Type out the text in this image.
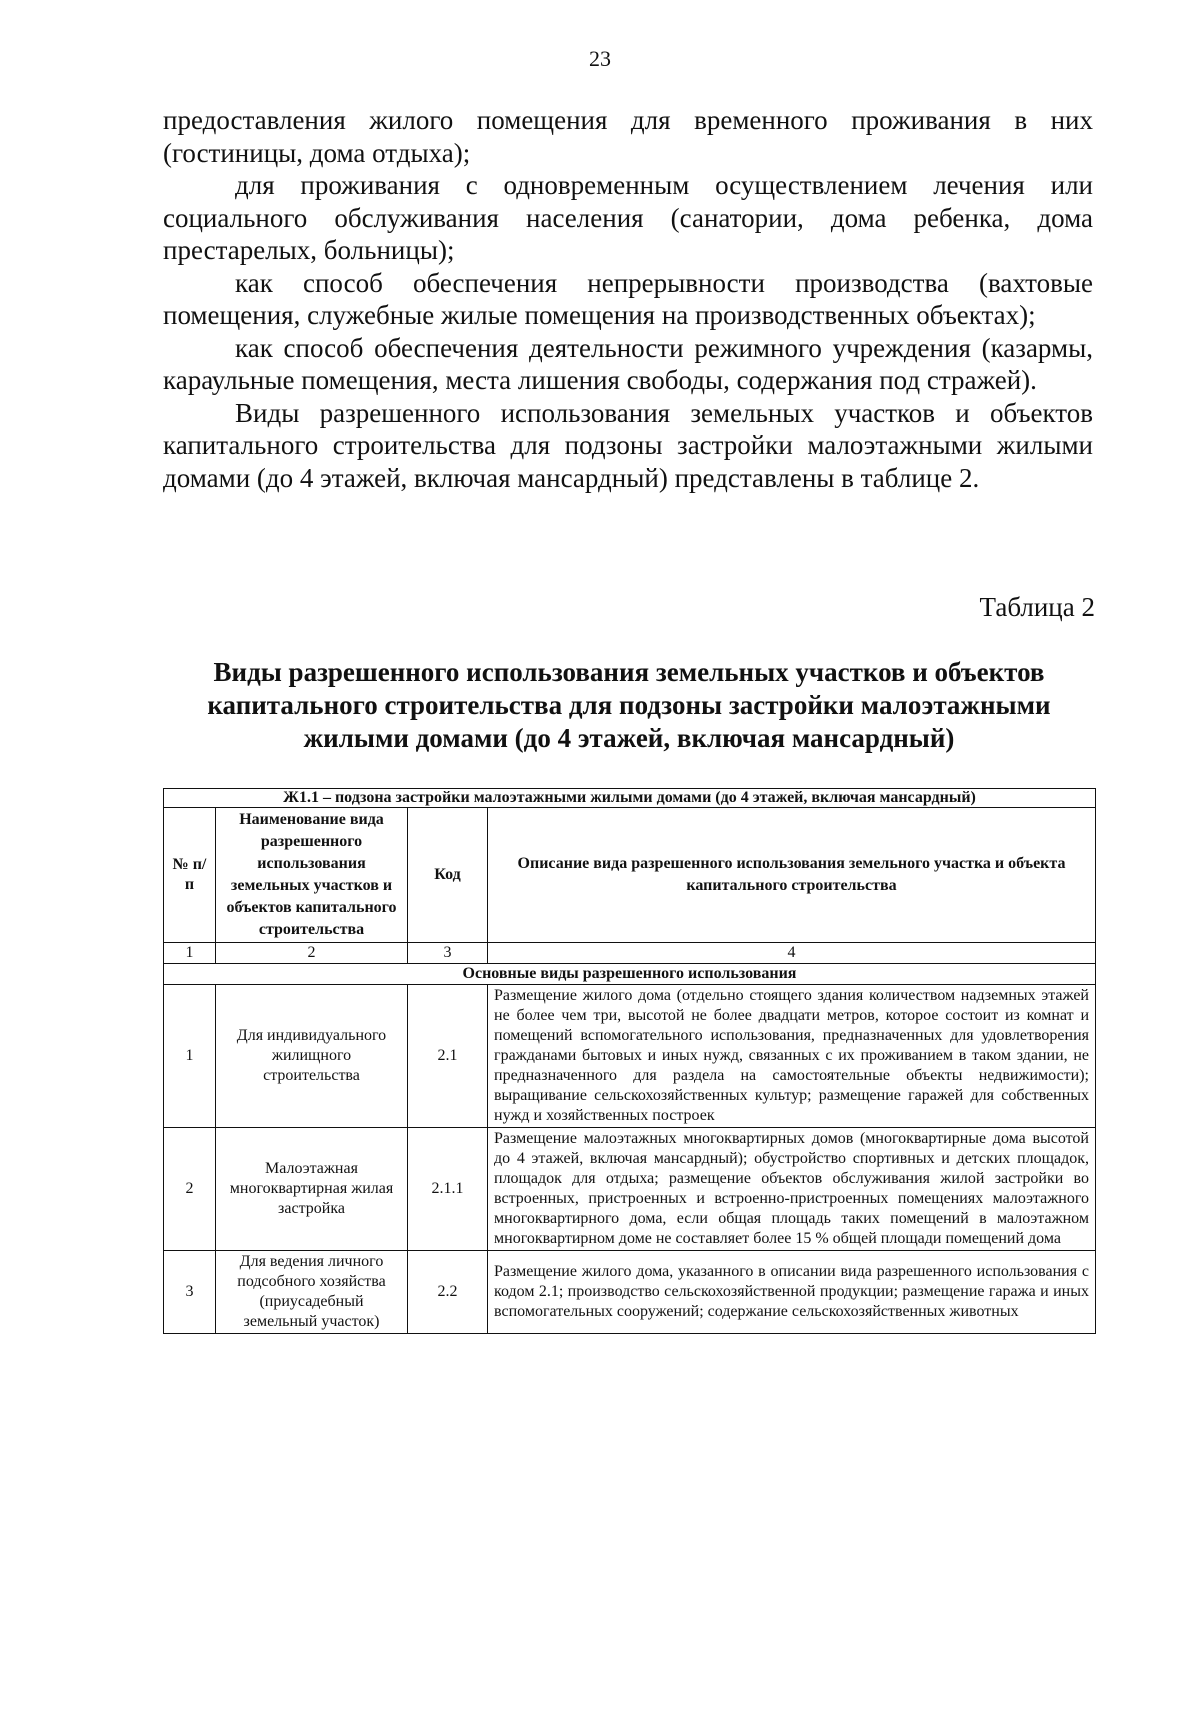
23

предоставления жилого помещения для временного проживания в них (гостиницы, дома отдыха);

для проживания с одновременным осуществлением лечения или социального обслуживания населения (санатории, дома ребенка, дома престарелых, больницы);

как способ обеспечения непрерывности производства (вахтовые помещения, служебные жилые помещения на производственных объектах);

как способ обеспечения деятельности режимного учреждения (казармы, караульные помещения, места лишения свободы, содержания под стражей).

Виды разрешенного использования земельных участков и объектов капитального строительства для подзоны застройки малоэтажными жилыми домами (до 4 этажей, включая мансардный) представлены в таблице 2.

Таблица 2
Виды разрешенного использования земельных участков и объектов капитального строительства для подзоны застройки малоэтажными жилыми домами (до 4 этажей, включая мансардный)
Ж1.1 – подзона застройки малоэтажными жилыми домами (до 4 этажей, включая мансардный)			
№ п/п	Наименование вида разрешенного использования земельных участков и объектов капитального строительства	Код	Описание вида разрешенного использования земельного участка и объекта капитального строительства
1	2	3	4
Основные виды разрешенного использования			
1	Для индивидуального жилищного строительства	2.1	Размещение жилого дома (отдельно стоящего здания количеством надземных этажей не более чем три, высотой не более двадцати метров, которое состоит из комнат и помещений вспомогательного использования, предназначенных для удовлетворения гражданами бытовых и иных нужд, связанных с их проживанием в таком здании, не предназначенного для раздела на самостоятельные объекты недвижимости); выращивание сельскохозяйственных культур; размещение гаражей для собственных нужд и хозяйственных построек
2	Малоэтажная многоквартирная жилая застройка	2.1.1	Размещение малоэтажных многоквартирных домов (многоквартирные дома высотой до 4 этажей, включая мансардный); обустройство спортивных и детских площадок, площадок для отдыха; размещение объектов обслуживания жилой застройки во встроенных, пристроенных и встроенно-пристроенных помещениях малоэтажного многоквартирного дома, если общая площадь таких помещений в малоэтажном многоквартирном доме не составляет более 15 % общей площади помещений дома
3	Для ведения личного подсобного хозяйства (приусадебный земельный участок)	2.2	Размещение жилого дома, указанного в описании вида разрешенного использования с кодом 2.1; производство сельскохозяйственной продукции; размещение гаража и иных вспомогательных сооружений; содержание сельскохозяйственных животных
